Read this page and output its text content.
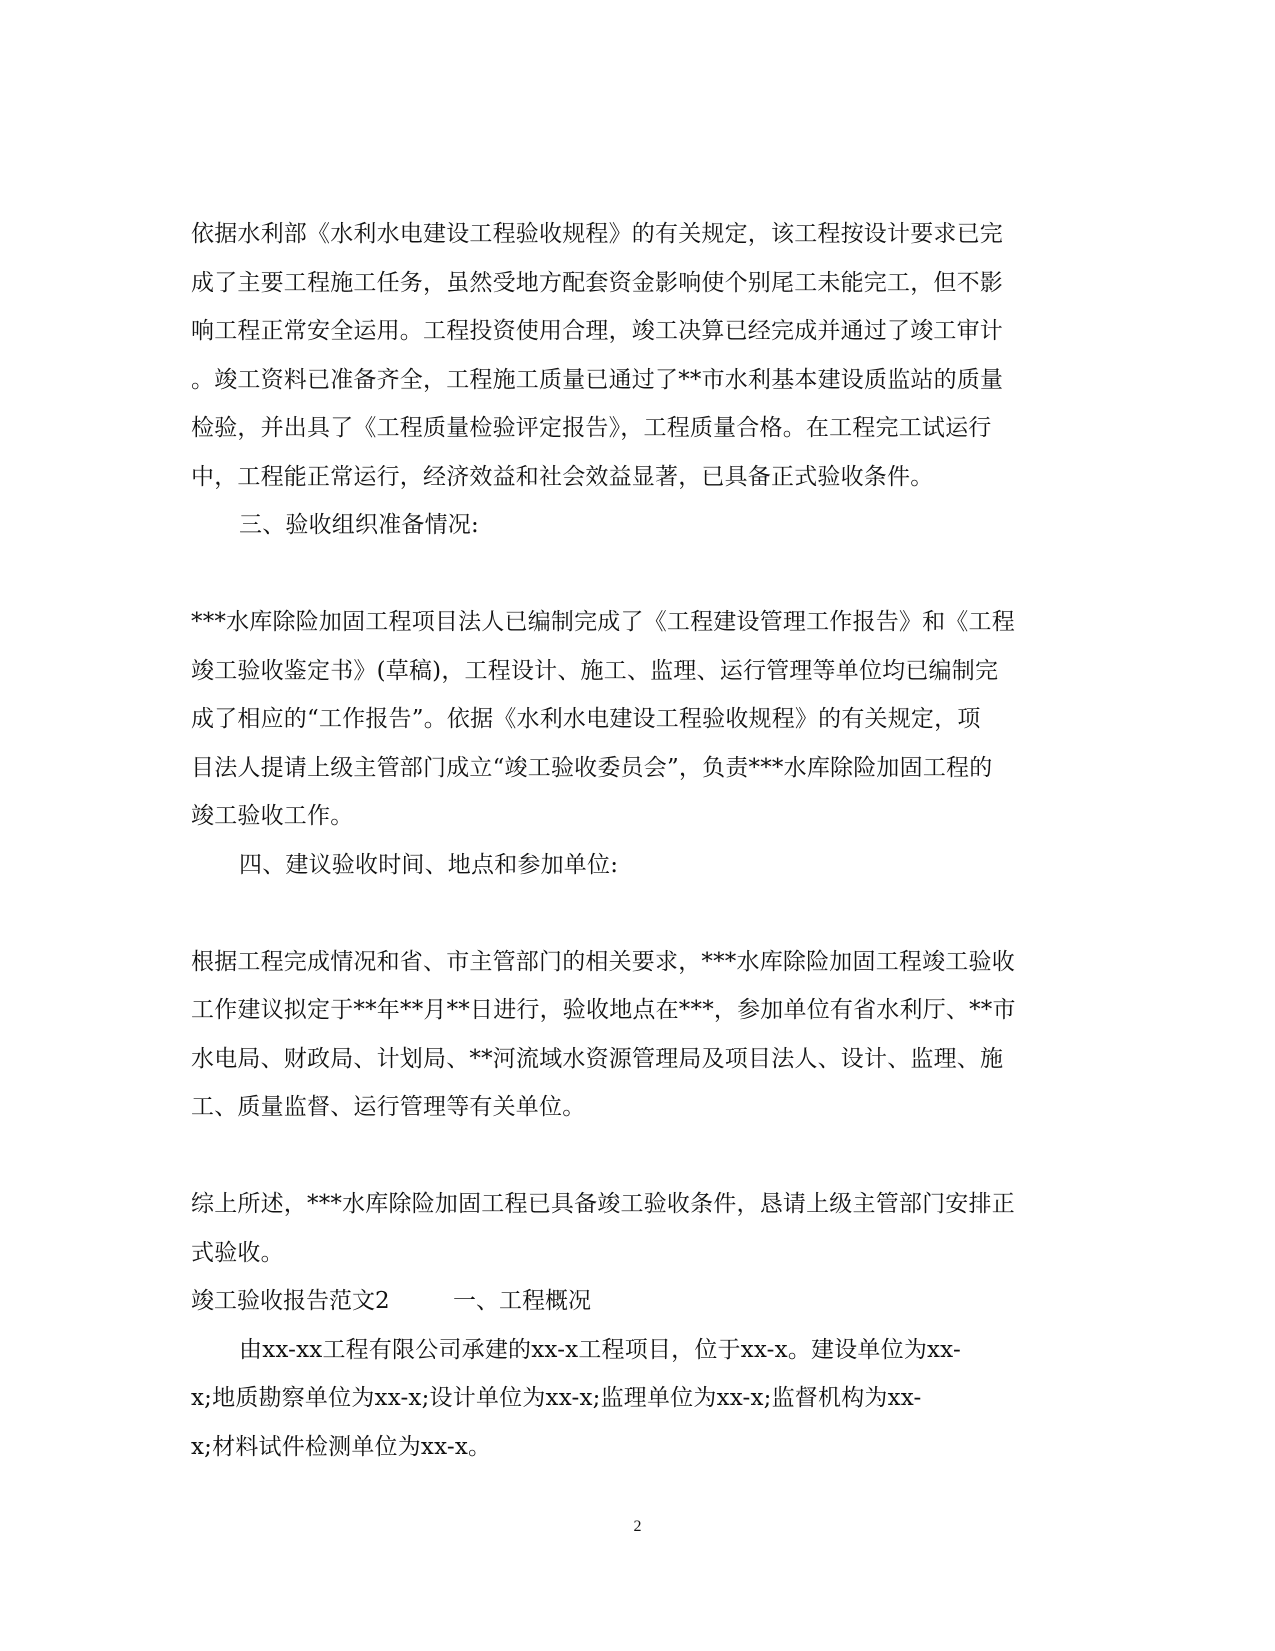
依据水利部《水利水电建设工程验收规程》的有关规定，该工程按设计要求已完
成了主要工程施工任务，虽然受地方配套资金影响使个别尾工未能完工，但不影
响工程正常安全运用。工程投资使用合理，竣工决算已经完成并通过了竣工审计
。竣工资料已准备齐全，工程施工质量已通过了**市水利基本建设质监站的质量
检验，并出具了《工程质量检验评定报告》，工程质量合格。在工程完工试运行
中，工程能正常运行，经济效益和社会效益显著，已具备正式验收条件。
三、验收组织准备情况:
***水库除险加固工程项目法人已编制完成了《工程建设管理工作报告》和《工程
竣工验收鉴定书》(草稿)，工程设计、施工、监理、运行管理等单位均已编制完
成了相应的“工作报告”。依据《水利水电建设工程验收规程》的有关规定，项
目法人提请上级主管部门成立“竣工验收委员会”，负责***水库除险加固工程的
竣工验收工作。
四、建议验收时间、地点和参加单位:
根据工程完成情况和省、市主管部门的相关要求，***水库除险加固工程竣工验收
工作建议拟定于**年**月**日进行，验收地点在***，参加单位有省水利厅、**市
水电局、财政局、计划局、**河流域水资源管理局及项目法人、设计、监理、施
工、质量监督、运行管理等有关单位。
综上所述，***水库除险加固工程已具备竣工验收条件，恳请上级主管部门安排正
式验收。
竣工验收报告范文2	一、工程概况
由xx-xx工程有限公司承建的xx-x工程项目，位于xx-x。建设单位为xx-
x;地质勘察单位为xx-x;设计单位为xx-x;监理单位为xx-x;监督机构为xx-
x;材料试件检测单位为xx-x。
2
